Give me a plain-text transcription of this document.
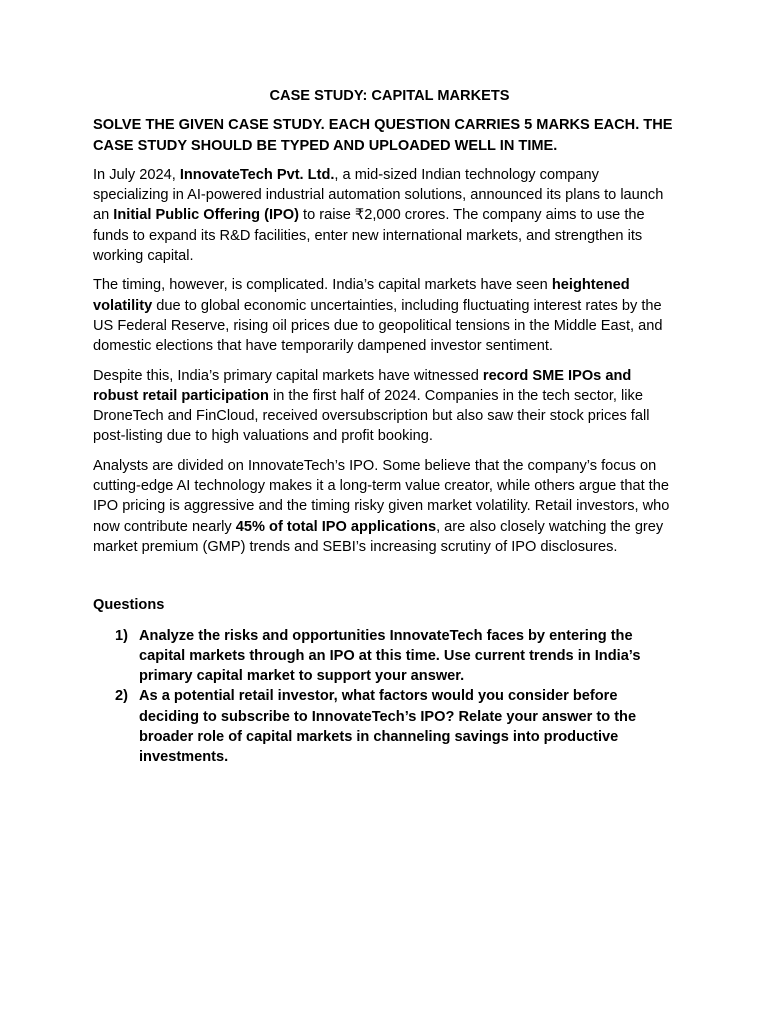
CASE STUDY: CAPITAL MARKETS
SOLVE THE GIVEN CASE STUDY. EACH QUESTION CARRIES 5 MARKS EACH. THE CASE STUDY SHOULD BE TYPED AND UPLOADED WELL IN TIME.

In July 2024, InnovateTech Pvt. Ltd., a mid-sized Indian technology company specializing in AI-powered industrial automation solutions, announced its plans to launch an Initial Public Offering (IPO) to raise ₹2,000 crores. The company aims to use the funds to expand its R&D facilities, enter new international markets, and strengthen its working capital.

The timing, however, is complicated. India’s capital markets have seen heightened volatility due to global economic uncertainties, including fluctuating interest rates by the US Federal Reserve, rising oil prices due to geopolitical tensions in the Middle East, and domestic elections that have temporarily dampened investor sentiment.

Despite this, India’s primary capital markets have witnessed record SME IPOs and robust retail participation in the first half of 2024. Companies in the tech sector, like DroneTech and FinCloud, received oversubscription but also saw their stock prices fall post-listing due to high valuations and profit booking.

Analysts are divided on InnovateTech’s IPO. Some believe that the company’s focus on cutting-edge AI technology makes it a long-term value creator, while others argue that the IPO pricing is aggressive and the timing risky given market volatility. Retail investors, who now contribute nearly 45% of total IPO applications, are also closely watching the grey market premium (GMP) trends and SEBI’s increasing scrutiny of IPO disclosures.

Questions
1) Analyze the risks and opportunities InnovateTech faces by entering the capital markets through an IPO at this time. Use current trends in India’s primary capital market to support your answer.
2) As a potential retail investor, what factors would you consider before deciding to subscribe to InnovateTech’s IPO? Relate your answer to the broader role of capital markets in channeling savings into productive investments.
